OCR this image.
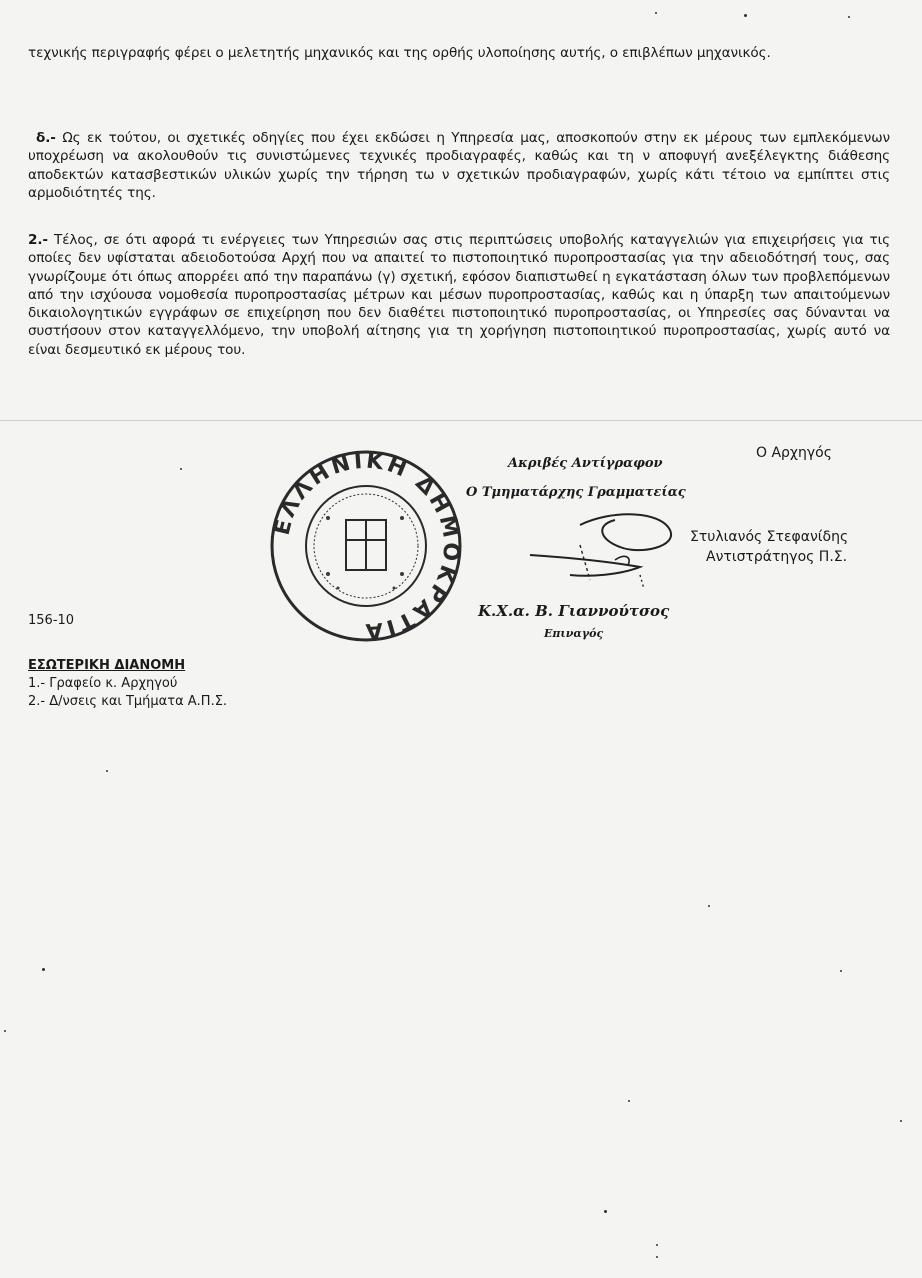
τεχνικής περιγραφής φέρει ο μελετητής μηχανικός και της ορθής υλοποίησης αυτής, ο επιβλέπων μηχανικός.
δ.- Ως εκ τούτου, οι σχετικές οδηγίες που έχει εκδώσει η Υπηρεσία μας, αποσκοπούν στην εκ μέρους των εμπλεκόμενων υποχρέωση να ακολουθούν τις συνιστώμενες τεχνικές προδιαγραφές, καθώς και τη ν αποφυγή ανεξέλεγκτης διάθεσης αποδεκτών κατασβεστικών υλικών χωρίς την τήρηση τω ν σχετικών προδιαγραφών, χωρίς κάτι τέτοιο να εμπίπτει στις αρμοδιότητές της.
2.- Τέλος, σε ότι αφορά τι ενέργειες των Υπηρεσιών σας στις περιπτώσεις υποβολής καταγγελιών για επιχειρήσεις για τις οποίες δεν υφίσταται αδειοδοτούσα Αρχή που να απαιτεί το πιστοποιητικό πυροπροστασίας για την αδειοδότησή τους, σας γνωρίζουμε ότι όπως απορρέει από την παραπάνω (γ) σχετική, εφόσον διαπιστωθεί η εγκατάσταση όλων των προβλεπόμενων από την ισχύουσα νομοθεσία πυροπροστασίας μέτρων και μέσων πυροπροστασίας, καθώς και η ύπαρξη των απαιτούμενων δικαιολογητικών εγγράφων σε επιχείρηση που δεν διαθέτει πιστοποιητικό πυροπροστασίας, οι Υπηρεσίες σας δύνανται να συστήσουν στον καταγγελλόμενο, την υποβολή αίτησης για τη χορήγηση πιστοποιητικού πυροπροστασίας, χωρίς αυτό να είναι δεσμευτικό εκ μέρους του.
ΕΛΛΗΝΙΚΗ ΔΗΜΟΚΡΑΤΙΑ
Ακριβές Αντίγραφον
Ο Αρχηγός
Ο Τμηματάρχης Γραμματείας
Στυλιανός Στεφανίδης
Αντιστράτηγος Π.Σ.
Κ.Χ.α. Β. Γιαννούτσος
Επιναγός
156-10
ΕΣΩΤΕΡΙΚΗ ΔΙΑΝΟΜΗ
1.- Γραφείο κ. Αρχηγού
2.- Δ/νσεις και Τμήματα Α.Π.Σ.
